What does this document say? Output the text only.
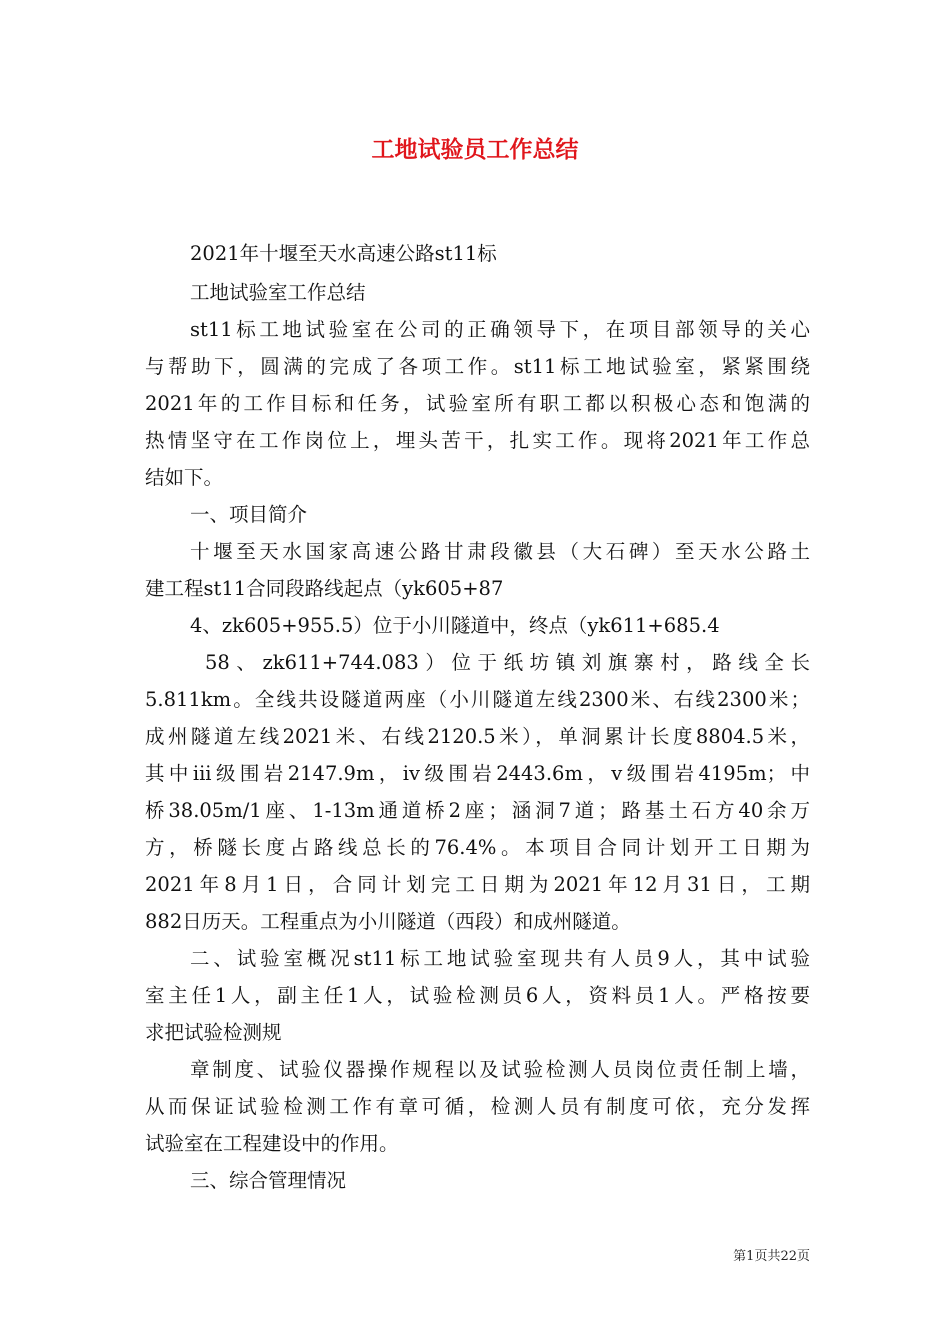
工地试验员工作总结
2021年十堰至天水高速公路st11标
工地试验室工作总结
st11标工地试验室在公司的正确领导下，在项目部领导的关心
与帮助下，圆满的完成了各项工作。st11标工地试验室，紧紧围绕
2021年的工作目标和任务，试验室所有职工都以积极心态和饱满的
热情坚守在工作岗位上，埋头苦干，扎实工作。现将2021年工作总
结如下。
一、项目简介
十堰至天水国家高速公路甘肃段徽县（大石碑）至天水公路土
建工程st11合同段路线起点（yk605+87
4、zk605+955.5）位于小川隧道中，终点（yk611+685.4
58、zk611+744.083）位于纸坊镇刘旗寨村，路线全长
5.811km。全线共设隧道两座（小川隧道左线2300米、右线2300米；
成州隧道左线2021米、右线2120.5米），单洞累计长度8804.5米，
其中iii级围岩2147.9m，iv级围岩2443.6m，v级围岩4195m；中
桥38.05m/1座、1-13m通道桥2座；涵洞7道；路基土石方40余万
方，桥隧长度占路线总长的76.4%。本项目合同计划开工日期为
2021年8月1日，合同计划完工日期为2021年12月31日，工期
882日历天。工程重点为小川隧道（西段）和成州隧道。
二、试验室概况st11标工地试验室现共有人员9人，其中试验
室主任1人，副主任1人，试验检测员6人，资料员1人。严格按要
求把试验检测规
章制度、试验仪器操作规程以及试验检测人员岗位责任制上墙，
从而保证试验检测工作有章可循，检测人员有制度可依，充分发挥
试验室在工程建设中的作用。
三、综合管理情况
第1页共22页
